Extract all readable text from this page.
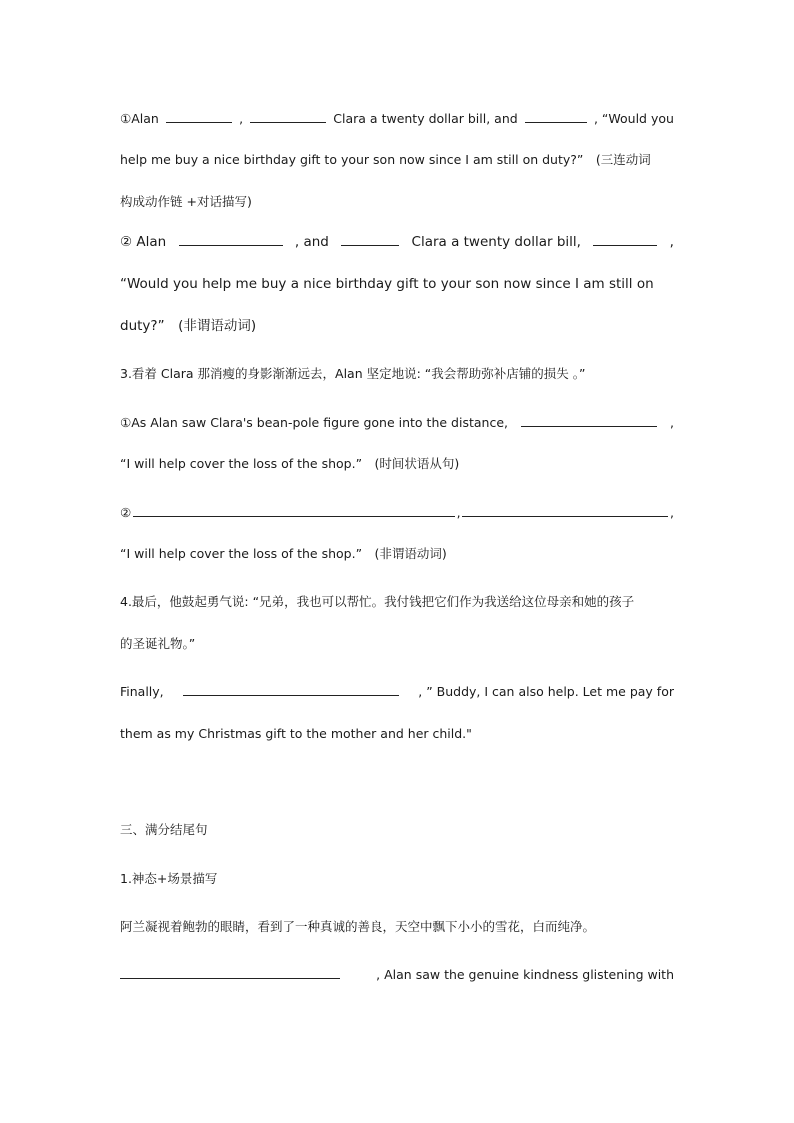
①Alan	,	Clara a twenty dollar bill, and	, “Would you
help me buy a nice birthday gift to your son now since I am still on duty?”　(三连动词
构成动作链 +对话描写)
② Alan	, and	Clara a twenty dollar bill,	,
“Would you help me buy a nice birthday gift to your son now since I am still on
duty?”　(非谓语动词)
3.看着 Clara 那消瘦的身影渐渐远去，Alan 坚定地说: “我会帮助弥补店铺的损失 。”
①As Alan saw Clara's bean-pole figure gone into the distance,	,
“I will help cover the loss of the shop.”　(时间状语从句)
②	,	,
“I will help cover the loss of the shop.”　(非谓语动词)
4.最后，他鼓起勇气说: “兄弟，我也可以帮忙。我付钱把它们作为我送给这位母亲和她的孩子
的圣诞礼物。”
Finally,	, ” Buddy, I can also help. Let me pay for
them as my Christmas gift to the mother and her child."
三、满分结尾句
1.神态+场景描写
阿兰凝视着鲍勃的眼睛，看到了一种真诚的善良，天空中飘下小小的雪花，白而纯净。
, Alan saw the genuine kindness glistening with
